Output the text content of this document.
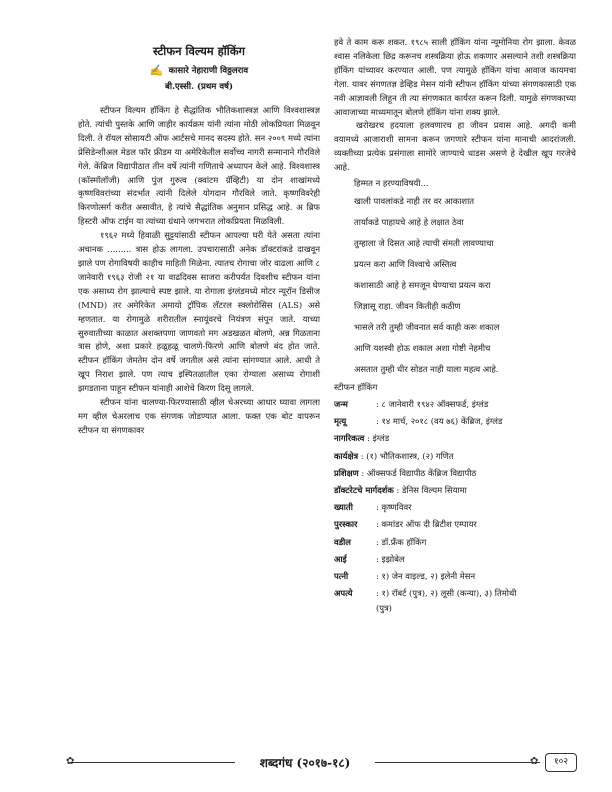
स्टीफन विल्यम हॉकिंग
✍ कासारे नेहाराणी विठ्ठलराव
बी.एस्सी. (प्रथम वर्ष)

स्टीफन विल्यम हॉकिंग हे सैद्धांतिक भौतिकशास्त्रज्ञ आणि विश्वशास्त्रज्ञ होते. त्यांची पुस्तके आणि जाहीर कार्यक्रम यांनी त्यांना मोठी लोकप्रियता मिळवून दिली. ते रॉयल सोसायटी ऑफ आर्टसचे मानद सदस्य होते. सन २००९ मध्ये त्यांना प्रेसिडेन्शीअल मेडल फॉर फ्रीडम या अमेरिकेतील सर्वोच्च नागरी सन्मानाने गौरविले गेले. केंब्रिज विद्यापीठात तीन वर्षे त्यांनी गणिताचे अध्यापन केले आहे. विश्वशास्त्र (कॉस्मॉलॉजी) आणि पुंज गुरुत्व (क्वांटम ग्रॅव्हिटी) या दोन शाखांमध्ये कृष्णविवरांच्या संदर्भात त्यांनी दिलेले योगदान गौरविले जाते. कृष्णविवरेही किरणोत्सर्ग करीत असावीत, हे त्यांचे सैद्धांतिक अनुमान प्रसिद्ध आहे. अ ब्रिफ हिस्टरी ऑफ टाईम या त्यांच्या ग्रंथाने जगभरात लोकप्रियता मिळविली.

१९६२ मध्ये हिवाळी सुट्टयांसाठी स्टीफन आपल्या घरी येते असता त्यांना अचानक ......... त्रास होऊ लागला. उपचारासाठी अनेक डॉक्टरांकडे दाखवून झाले पण रोगाविषयी काहीच माहिती मिळेना. त्यातच रोगाचा जोर वाढला आणि ८ जानेवारी १९६३ रोजी २१ या वाढदिवस साजरा करीपर्यंत दिवशीच स्टीफन यांना एक असाध्य रोग झाल्याचे स्पष्ट झाले. या रोगाला इंग्लंडमध्ये मोटर न्यूरॉन डिसीज (MND) तर अमेरिकेत अमायो ट्रॉपिक लॅटरल स्क्लोरोसिस (ALS) असे म्हणतात. या रोगामुळे शरीरातील स्नायूंवरचे नियंत्रण संपून जाते. याच्या सुरुवातीच्या काळात अशक्तपणा जाणवतो मग अडखळत बोलणे, अन्न गिळताना त्रास होणे, अशा प्रकारे हळूहळू चालणे-फिरणे आणि बोलणे बंद होत जाते. स्टीफन हॉकिंग जेमतेम दोन वर्षे जगतील असे त्यांना सांगण्यात आले. आधी ते खूप निराश झाले. पण त्याच इस्पितळातील एका रोग्याला असाध्य रोगाशी झगडताना पाहून स्टीफन यांनाही आशेचे किरण दिसू लागले.

स्टीफन यांना चालण्या-फिरण्यासाठी व्हील चेअरच्या आधार घ्यावा लागला मग व्हील चेअरलाच एक संगणक जोडण्यात आला. फक्त एक बोट वापरून स्टीफन या संगणकावर

हवे ते काम करू शकत. १९८५ साली हॉकिंग यांना न्यूमोनिया रोग झाला. केवळ श्वास नलिकेला छिद्र करूनच शस्त्रक्रिया होऊ शकणार असल्याने तशी शस्त्रक्रिया हॉकिंग यांच्यावर करण्यात आली. पण त्यामुळे हॉकिंग यांचा आवाज कायमचा गेला. यावर संगणतज्ञ डेव्हिड मेसन यांनी स्टीफन हॉकिंग यांच्या संगणकासाठी एक नवी आज्ञावली लिहून ती त्या संगणकात कार्यरत करून दिली. यामुळे संगणकाच्या आवाजाच्या माध्यमातून बोलणे हॉकिंग यांना शक्य झाले.

खरोखरच हदयाला हलवणारच हा जीवन प्रवास आहे. अगदी कमी वयामध्ये आजाराशी सामना करून जगणारे स्टीफन यांना मानाची आदरांजली. व्यक्तीच्या प्रत्येक प्रसंगाला सामोरे जाण्याचे धाडस असणे हे देखील खूप गरजेचे आहे.

हिम्मत न हरण्याविषयी...
खाली पावलांकडे नाही तर वर आकाशात
तार्यांकडे पाहायचे आहे हे लक्षात ठेवा
तुम्हाला जे दिसत आहे त्याची संमती लावण्याचा
प्रयत्न करा आणि विश्वाचे अस्तित्व
कशासाठी आहे हे समजून घेण्याचा प्रयत्न करा
जिज्ञासू राहा. जीवन कितीही कठीण
भासले तरी तुम्ही जीवनात सर्व काही करू शकाल
आणि यशस्वी होऊ शकाल अशा गोष्टी नेहमीच
असतात तुम्ही धीर सोडत नाही याला महत्व आहे.
स्टीफन हॉकिंग
जन्म	: ८ जानेवारी १९४२ ऑक्सफर्ड, इंग्लंड
मृत्यू	: १४ मार्च, २०१८ (वय ७६) केंब्रिज, इंग्लंड
नागरिकत्व : इंग्लंड
कार्यक्षेत्र : (१) भौतिकशास्त्र, (२) गणित
प्रशिक्षण : ऑक्सफर्ड विद्यापीठ केंब्रिज विद्यापीठ
डॉक्टरेटचे मार्गदर्शक : डेनिस विल्यम सियामा
ख्याती	: कृष्णविवर
पुरस्कार	: कमांडर ऑफ दी ब्रिटीश एम्पायर
वडील	: डॉ.फ्रँक हॉकिंग
आई	: इझोबेल
पत्नी	: १) जेन वाइल्ड, २) इलेनी मेसन
अपत्ये	: १) रॉबर्ट (पुत्र), २) लूसी (कन्या), ३) तिमोथी
(पुत्र)
✿	✿
शब्दगंध (२०१७-१८)	१०२
